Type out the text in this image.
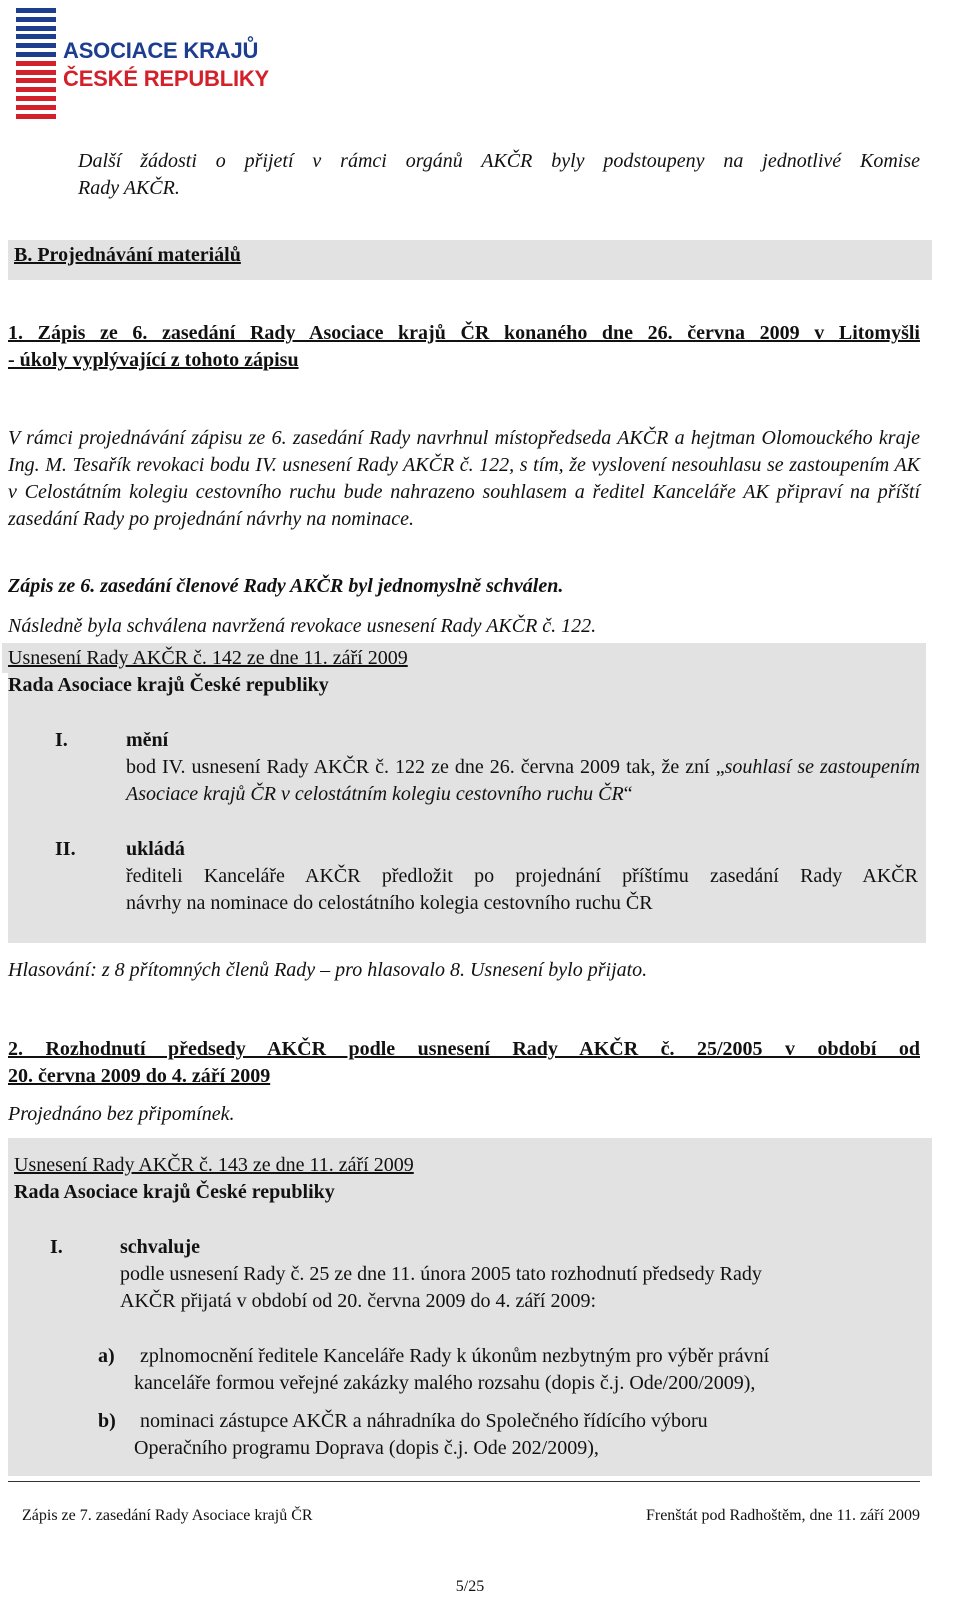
ASOCIACE KRAJŮ
ČESKÉ REPUBLIKY
Další žádosti o přijetí v rámci orgánů AKČR byly podstoupeny na jednotlivé Komise
Rady AKČR.
B. Projednávání materiálů
1. Zápis ze 6. zasedání Rady Asociace krajů ČR konaného dne 26. června 2009 v Litomyšli
- úkoly vyplývající z tohoto zápisu
V rámci projednávání zápisu ze 6. zasedání Rady navrhnul místopředseda AKČR a hejtman Olomouckého kraje Ing. M. Tesařík revokaci bodu IV. usnesení Rady AKČR č. 122, s tím, že vyslovení nesouhlasu se zastoupením AK v Celostátním kolegiu cestovního ruchu bude nahrazeno souhlasem a ředitel Kanceláře AK připraví na příští zasedání Rady po projednání návrhy na nominace.
Zápis ze 6. zasedání členové Rady AKČR byl jednomyslně schválen.
Následně byla schválena navržená revokace usnesení Rady AKČR č. 122.
Usnesení Rady AKČR č. 142 ze dne 11. září 2009
Rada Asociace krajů České republiky
I.	mění
bod IV. usnesení Rady AKČR č. 122 ze dne 26. června 2009 tak, že zní „souhlasí se zastoupením Asociace krajů ČR v celostátním kolegiu cestovního ruchu ČR“
II.	ukládá
řediteli Kanceláře AKČR předložit po projednání příštímu zasedání Rady AKČR
návrhy na nominace do celostátního kolegia cestovního ruchu ČR
Hlasování: z 8 přítomných členů Rady – pro hlasovalo 8. Usnesení bylo přijato.
2. Rozhodnutí předsedy AKČR podle usnesení Rady AKČR č. 25/2005 v období od
20. června 2009 do 4. září 2009
Projednáno bez připomínek.
Usnesení Rady AKČR č. 143 ze dne 11. září 2009
Rada Asociace krajů České republiky
I.	schvaluje
podle usnesení Rady č. 25 ze dne 11. února 2005 tato rozhodnutí předsedy Rady
AKČR přijatá v období od 20. června 2009 do 4. září 2009:
a) zplnomocnění ředitele Kanceláře Rady k úkonům nezbytným pro výběr právní
kanceláře formou veřejné zakázky malého rozsahu (dopis č.j. Ode/200/2009),
b) nominaci zástupce AKČR a náhradníka do Společného řídícího výboru
Operačního programu Doprava (dopis č.j. Ode 202/2009),
Zápis ze 7. zasedání Rady Asociace krajů ČR	Frenštát pod Radhoštěm, dne 11. září 2009
5/25
